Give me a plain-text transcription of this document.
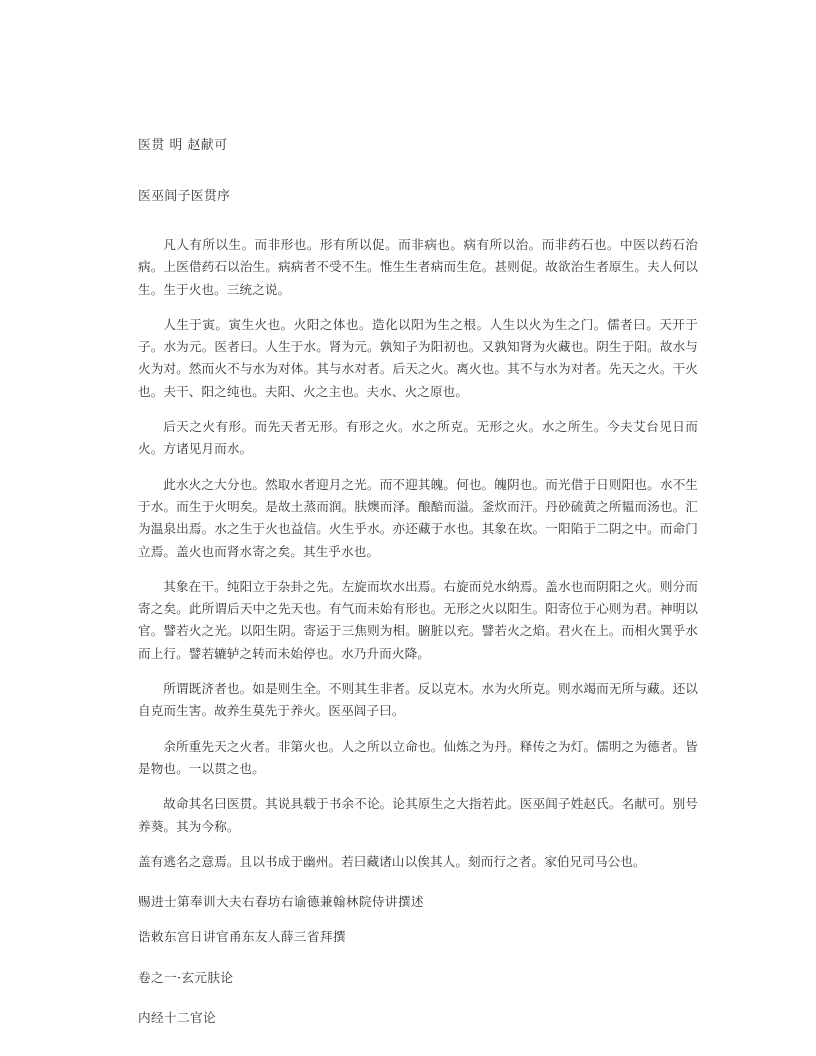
医贯 明 赵献可

医巫闾子医贯序

凡人有所以生。而非形也。形有所以促。而非病也。病有所以治。而非药石也。中医以药石治病。上医借药石以治生。病病者不受不生。惟生生者病而生危。甚则促。故欲治生者原生。夫人何以生。生于火也。三统之说。

人生于寅。寅生火也。火阳之体也。造化以阳为生之根。人生以火为生之门。儒者曰。天开于子。水为元。医者曰。人生于水。肾为元。孰知子为阳初也。又孰知肾为火藏也。阴生于阳。故水与火为对。然而火不与水为对体。其与水对者。后天之火。离火也。其不与水为对者。先天之火。干火也。夫干、阳之纯也。夫阳、火之主也。夫水、火之原也。

后天之火有形。而先天者无形。有形之火。水之所克。无形之火。水之所生。今夫艾台见日而火。方诸见月而水。

此水火之大分也。然取水者迎月之光。而不迎其魄。何也。魄阴也。而光借于日则阳也。水不生于水。而生于火明矣。是故土蒸而润。肤燠而泽。酿醅而溢。釜炊而汗。丹砂硫黄之所韫而汤也。汇为温泉出焉。水之生于火也益信。火生乎水。亦还藏于水也。其象在坎。一阳陷于二阴之中。而命门立焉。盖火也而肾水寄之矣。其生乎水也。

其象在干。纯阳立于杂卦之先。左旋而坎水出焉。右旋而兑水纳焉。盖水也而阴阳之火。则分而寄之矣。此所谓后天中之先天也。有气而未始有形也。无形之火以阳生。阳寄位于心则为君。神明以官。譬若火之光。以阳生阴。寄运于三焦则为相。腑脏以充。譬若火之焰。君火在上。而相火巽乎水而上行。譬若辘轳之转而未始停也。水乃升而火降。

所谓既济者也。如是则生全。不则其生非者。反以克木。水为火所克。则水竭而无所与藏。还以自克而生害。故养生莫先于养火。医巫闾子曰。

余所重先天之火者。非第火也。人之所以立命也。仙炼之为丹。释传之为灯。儒明之为德者。皆是物也。一以贯之也。

故命其名曰医贯。其说具载于书余不论。论其原生之大指若此。医巫闾子姓赵氏。名献可。别号养葵。其为今称。

盖有逃名之意焉。且以书成于幽州。若曰藏诸山以俟其人。刻而行之者。家伯兄司马公也。

赐进士第奉训大夫右春坊右谕德兼翰林院侍讲撰述

诰敕东宫日讲官甬东友人薛三省拜撰

卷之一·玄元肤论

内经十二官论
